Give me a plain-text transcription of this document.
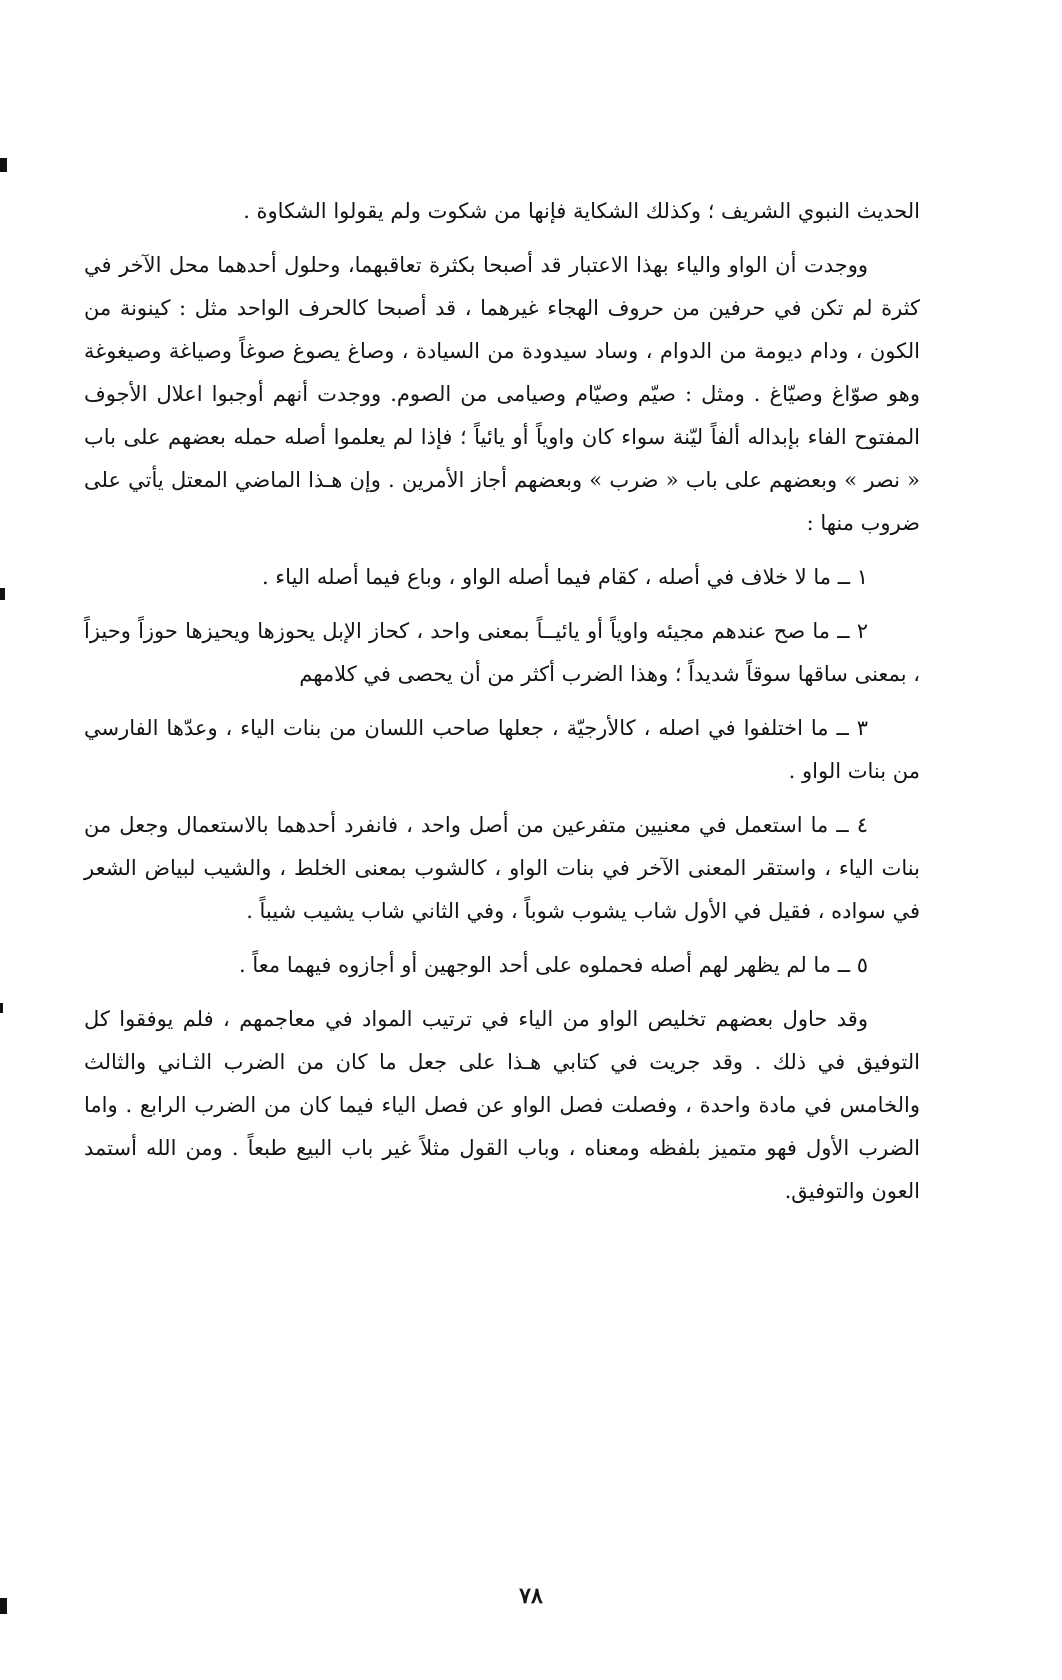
الحديث النبوي الشريف ؛ وكذلك الشكاية فإنها من شكوت ولم يقولوا الشكاوة .

ووجدت أن الواو والياء بهذا الاعتبار قد أصبحا بكثرة تعاقبهما، وحلول أحدهما محل الآخر في كثرة لم تكن في حرفين من حروف الهجاء غيرهما ، قد أصبحا كالحرف الواحد مثل : كينونة من الكون ، ودام ديومة من الدوام ، وساد سيدودة من السيادة ، وصاغ يصوغ صوغاً وصياغة وصيغوغة وهو صوّاغ وصيّاغ . ومثل : صيّم وصيّام وصيامى من الصوم. ووجدت أنهم أوجبوا اعلال الأجوف المفتوح الفاء بإبداله ألفاً ليّنة سواء كان واوياً أو يائياً ؛ فإذا لم يعلموا أصله حمله بعضهم على باب « نصر » وبعضهم على باب « ضرب » وبعضهم أجاز الأمرين . وإن هـذا الماضي المعتل يأتي على ضروب منها :

١ ــ ما لا خلاف في أصله ، كقام فيما أصله الواو ، وباع فيما أصله الياء .

٢ ــ ما صح عندهم مجيئه واوياً أو يائيــاً بمعنى واحد ، كحاز الإبل يحوزها ويحيزها حوزاً وحيزاً ، بمعنى ساقها سوقاً شديداً ؛ وهذا الضرب أكثر من أن يحصى في كلامهم

٣ ــ ما اختلفوا في اصله ، كالأرجيّة ، جعلها صاحب اللسان من بنات الياء ، وعدّها الفارسي من بنات الواو .

٤ ــ ما استعمل في معنيين متفرعين من أصل واحد ، فانفرد أحدهما بالاستعمال وجعل من بنات الياء ، واستقر المعنى الآخر في بنات الواو ، كالشوب بمعنى الخلط ، والشيب لبياض الشعر في سواده ، فقيل في الأول شاب يشوب شوباً ، وفي الثاني شاب يشيب شيباً .

٥ ــ ما لم يظهر لهم أصله فحملوه على أحد الوجهين أو أجازوه فيهما معاً .

وقد حاول بعضهم تخليص الواو من الياء في ترتيب المواد في معاجمهم ، فلم يوفقوا كل التوفيق في ذلك . وقد جريت في كتابي هـذا على جعل ما كان من الضرب الثـاني والثالث والخامس في مادة واحدة ، وفصلت فصل الواو عن فصل الياء فيما كان من الضرب الرابع . واما الضرب الأول فهو متميز بلفظه ومعناه ، وباب القول مثلاً غير باب البيع طبعاً . ومن الله أستمد العون والتوفيق.

٧٨
